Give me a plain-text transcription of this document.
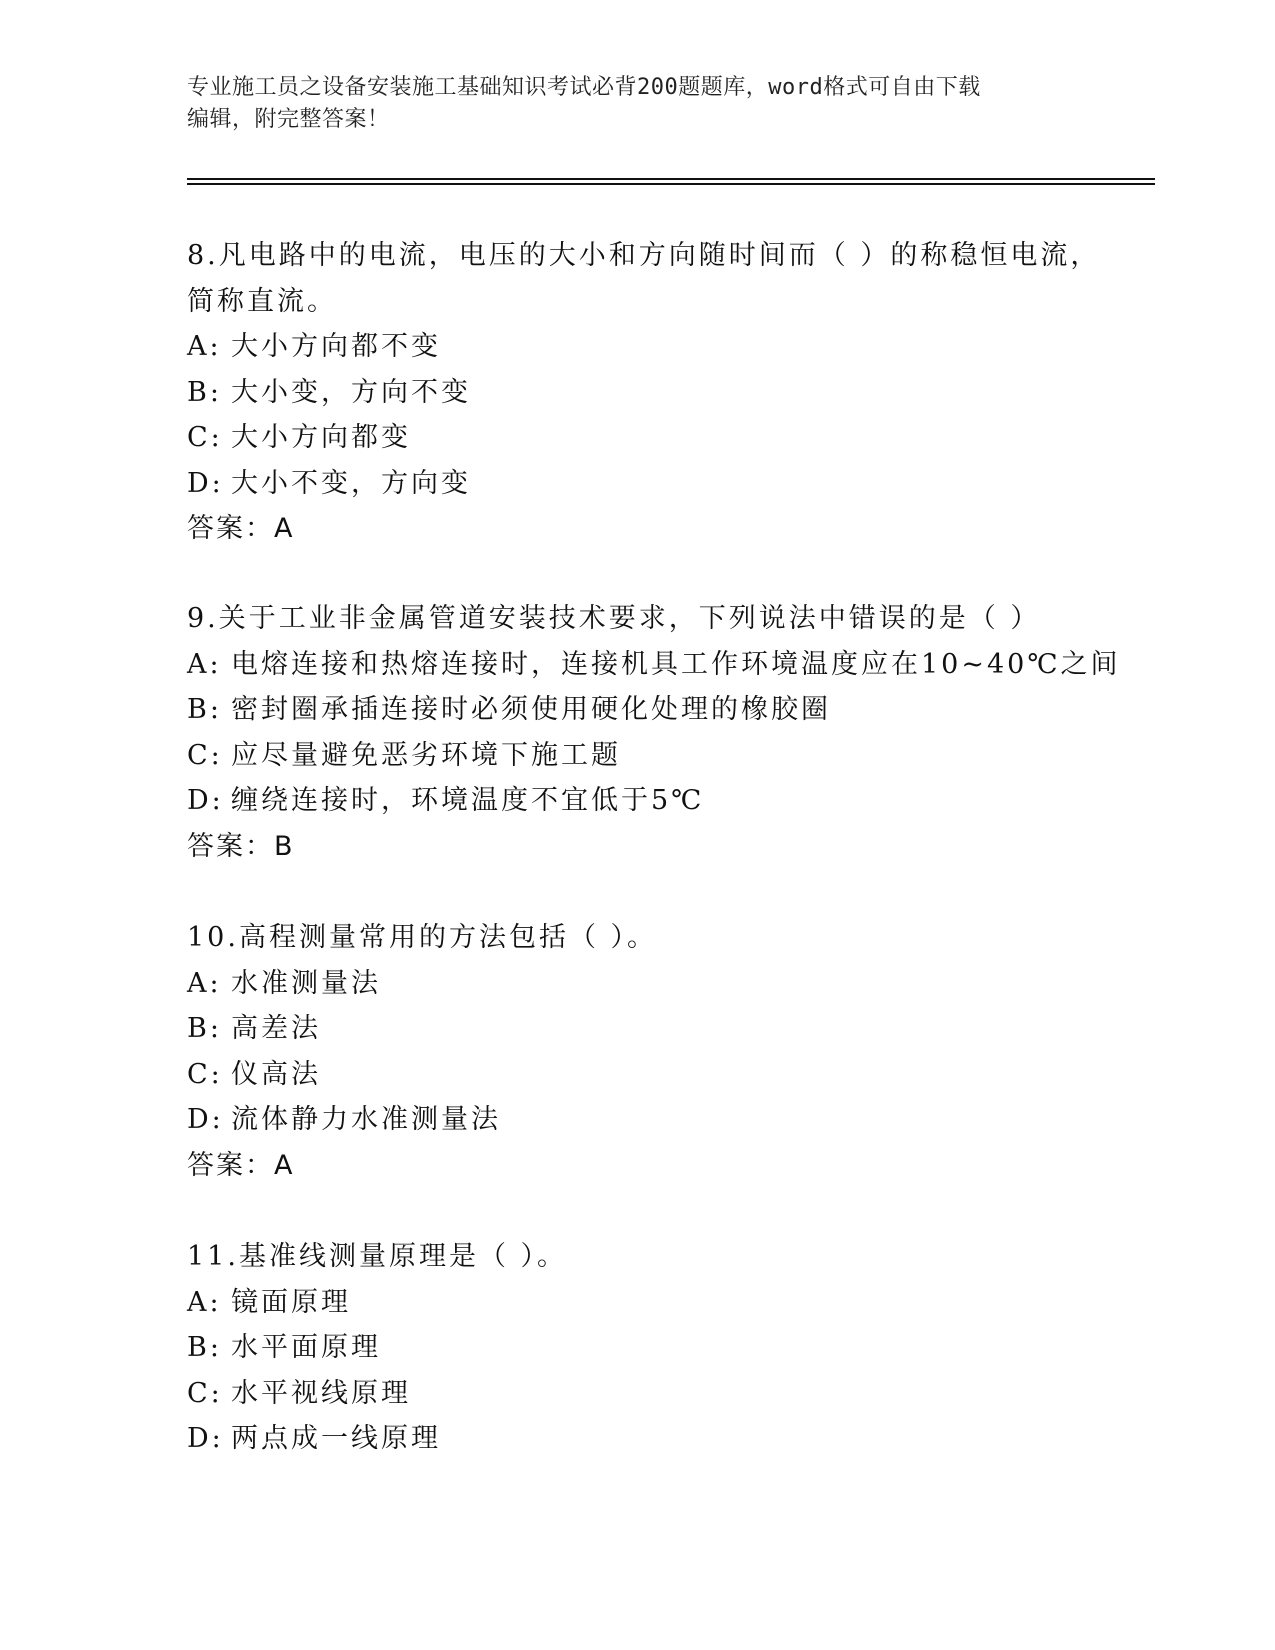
专业施工员之设备安装施工基础知识考试必背200题题库，word格式可自由下载
编辑，附完整答案！
8.凡电路中的电流，电压的大小和方向随时间而（ ）的称稳恒电流，
简称直流。
A: 大小方向都不变
B: 大小变，方向不变
C: 大小方向都变
D: 大小不变，方向变
答案：A
9.关于工业非金属管道安装技术要求，下列说法中错误的是（ ）
A: 电熔连接和热熔连接时，连接机具工作环境温度应在10~40℃之间
B: 密封圈承插连接时必须使用硬化处理的橡胶圈
C: 应尽量避免恶劣环境下施工题
D: 缠绕连接时，环境温度不宜低于5℃
答案：B
10.高程测量常用的方法包括（ ）。
A: 水准测量法
B: 高差法
C: 仪高法
D: 流体静力水准测量法
答案：A
11.基准线测量原理是（ ）。
A: 镜面原理
B: 水平面原理
C: 水平视线原理
D: 两点成一线原理
